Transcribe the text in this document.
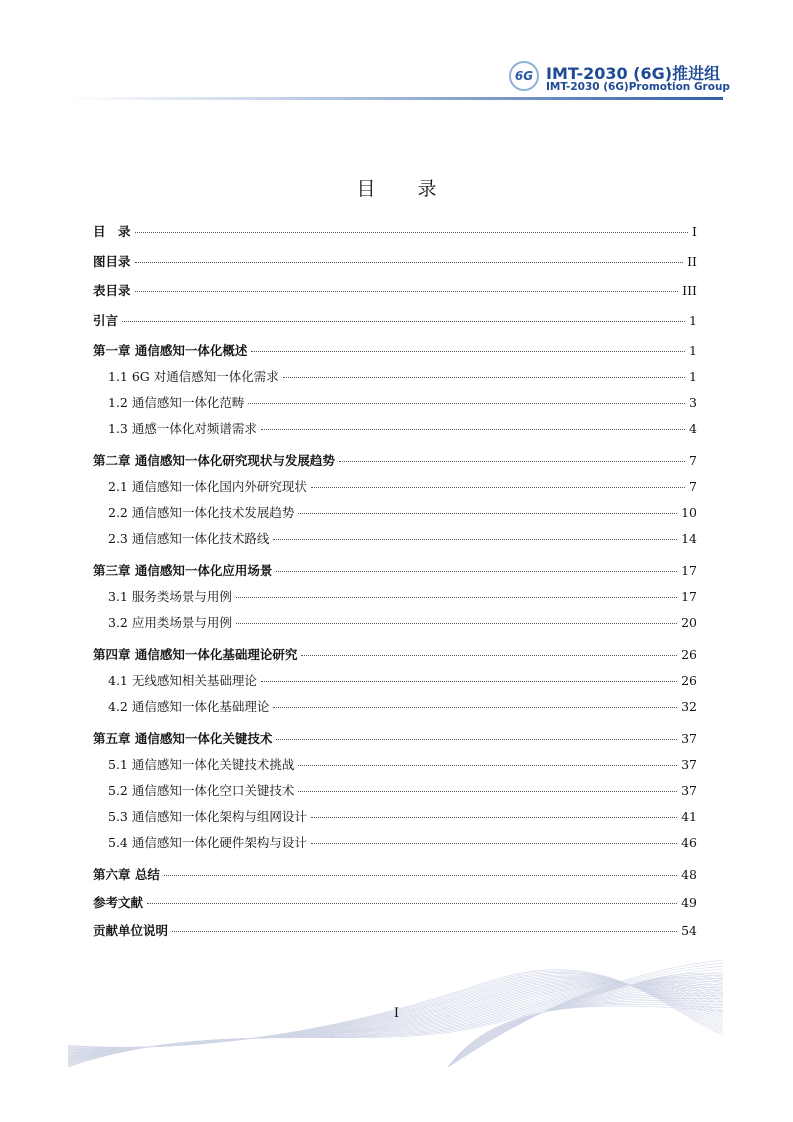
6G IMT-2030 (6G)推进组
IMT-2030 (6G)Promotion Group
目 录
目　录	I
图目录	II
表目录	III
引言	1
第一章 通信感知一体化概述	1
1.1 6G 对通信感知一体化需求	1
1.2 通信感知一体化范畴	3
1.3 通感一体化对频谱需求	4
第二章 通信感知一体化研究现状与发展趋势	7
2.1 通信感知一体化国内外研究现状	7
2.2 通信感知一体化技术发展趋势	10
2.3 通信感知一体化技术路线	14
第三章 通信感知一体化应用场景	17
3.1 服务类场景与用例	17
3.2 应用类场景与用例	20
第四章 通信感知一体化基础理论研究	26
4.1 无线感知相关基础理论	26
4.2 通信感知一体化基础理论	32
第五章 通信感知一体化关键技术	37
5.1 通信感知一体化关键技术挑战	37
5.2 通信感知一体化空口关键技术	37
5.3 通信感知一体化架构与组网设计	41
5.4 通信感知一体化硬件架构与设计	46
第六章 总结	48
参考文献	49
贡献单位说明	54
I
